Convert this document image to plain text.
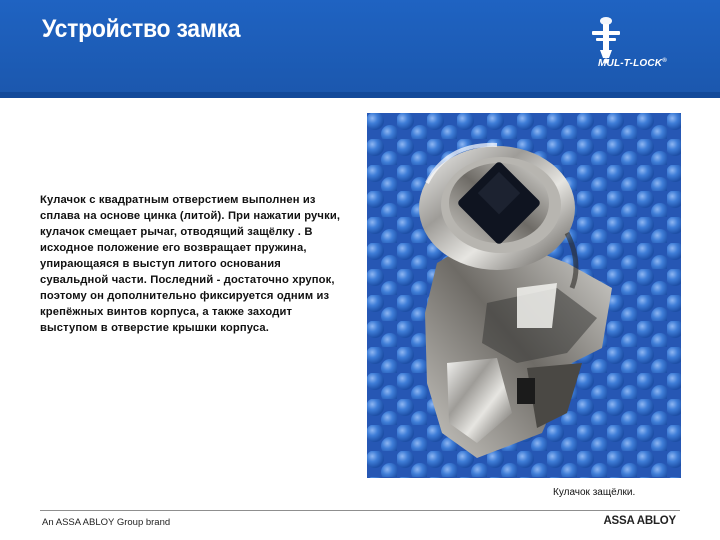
Устройство замка
MUL-T-LOCK®
Кулачок с квадратным отверстием выполнен из сплава на основе цинка (литой). При нажатии ручки, кулачок смещает рычаг, отводящий защёлку . В исходное положение его возвращает пружина, упирающаяся в выступ литого основания сувальдной части. Последний - достаточно хрупок, поэтому он дополнительно фиксируется одним из крепёжных винтов корпуса, а также заходит выступом в отверстие крышки корпуса.
Кулачок защёлки.
An ASSA ABLOY Group brand	ASSA ABLOY
